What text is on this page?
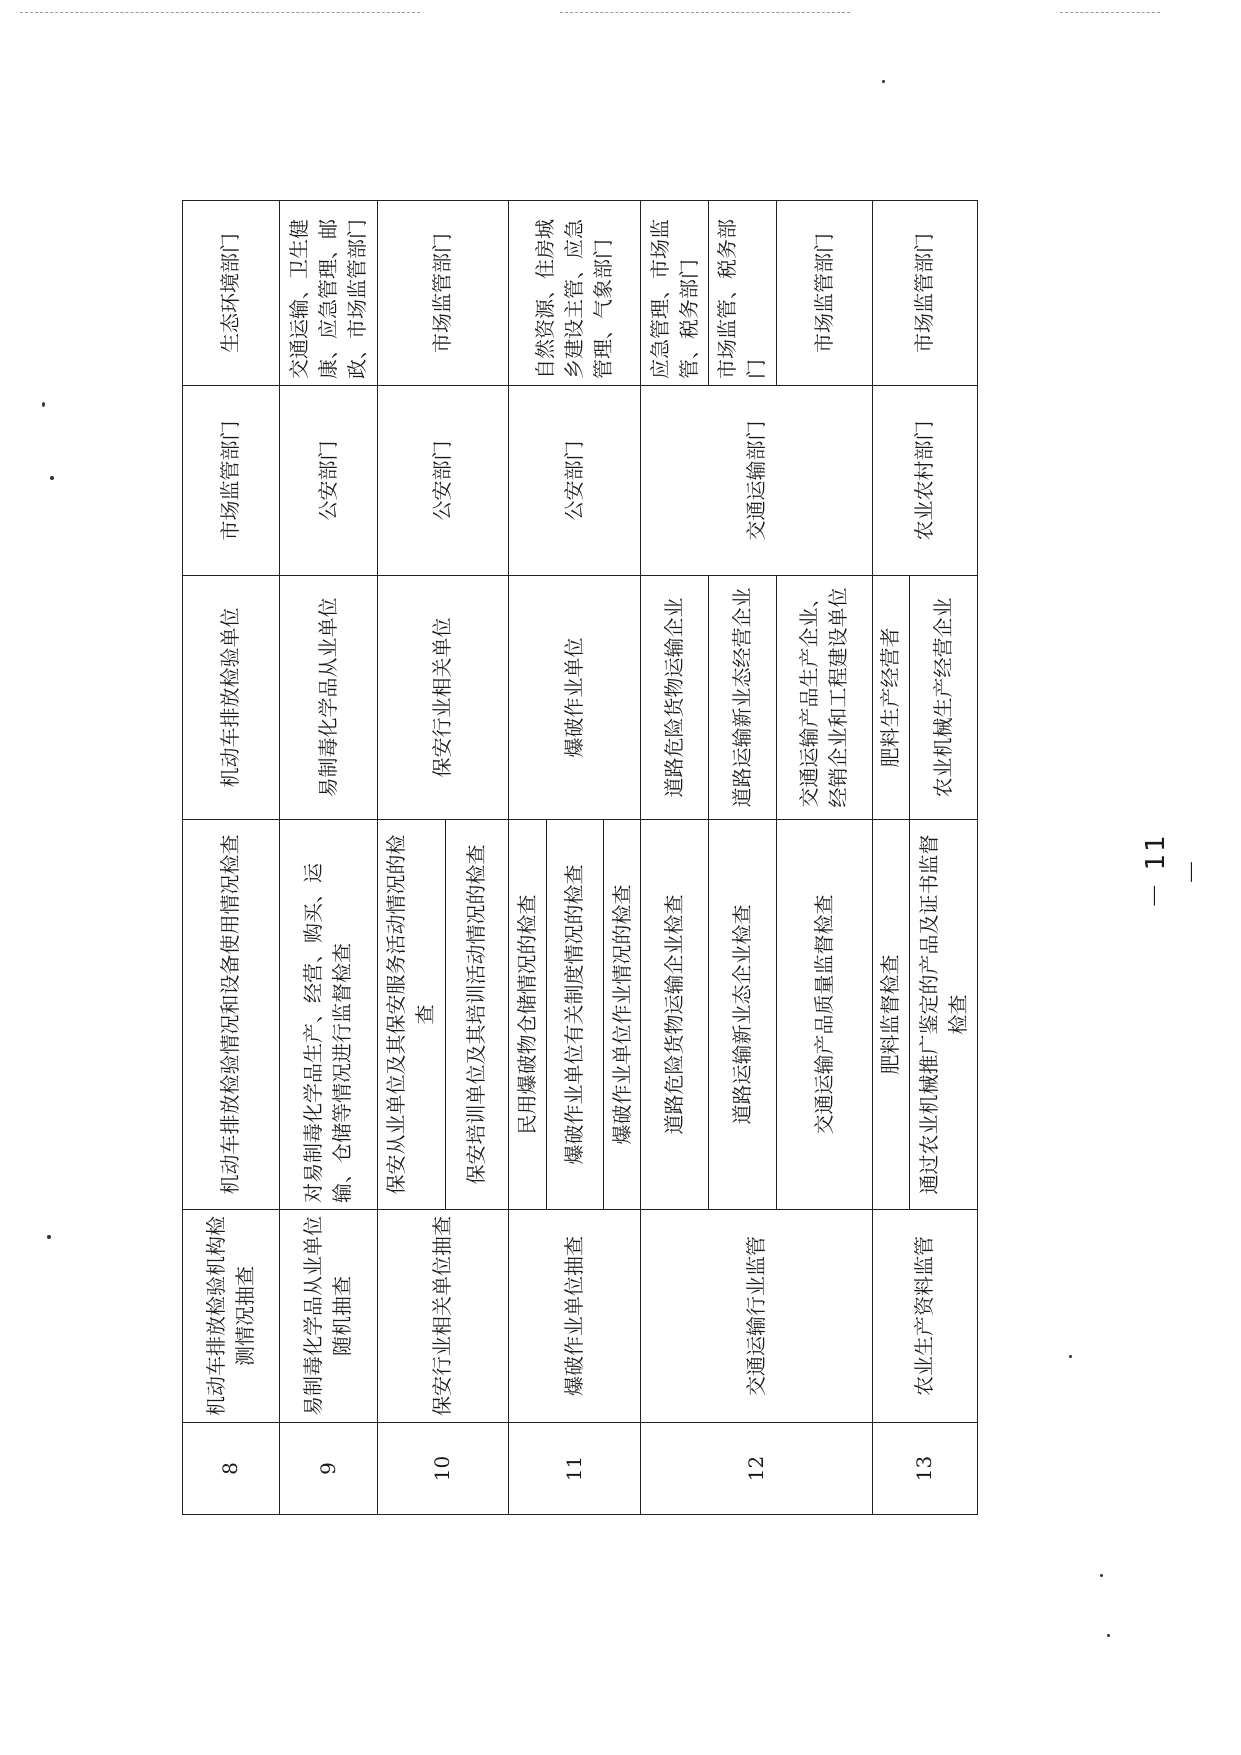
8	机动车排放检验机构检测情况抽查	机动车排放检验情况和设备使用情况检查	机动车排放检验单位	市场监管部门	生态环境部门
9	易制毒化学品从业单位随机抽查	对易制毒化学品生产、经营、购买、运输、仓储等情况进行监督检查	易制毒化学品从业单位	公安部门	交通运输、卫生健康、应急管理、邮政、市场监管部门
10	保安行业相关单位抽查	保安从业单位及其保安服务活动情况的检查	保安行业相关单位	公安部门	市场监管部门
		保安培训单位及其培训活动情况的检查			
11	爆破作业单位抽查	民用爆破物仓储情况的检查	爆破作业单位	公安部门	自然资源、住房城乡建设主管、应急管理、气象部门
		爆破作业单位有关制度情况的检查			
		爆破作业单位作业情况的检查			
12	交通运输行业监管	道路危险货物运输企业检查	道路危险货物运输企业	交通运输部门	应急管理、市场监管、税务部门
		道路运输新业态企业检查	道路运输新业态经营企业		市场监管、税务部门
		交通运输产品质量监督检查	交通运输产品生产企业、经销企业和工程建设单位		市场监管部门
13	农业生产资料监管	肥料监督检查	肥料生产经营者	农业农村部门	市场监管部门
		通过农业机械推广鉴定的产品及证书监督检查	农业机械生产经营企业		
－ 11 －
